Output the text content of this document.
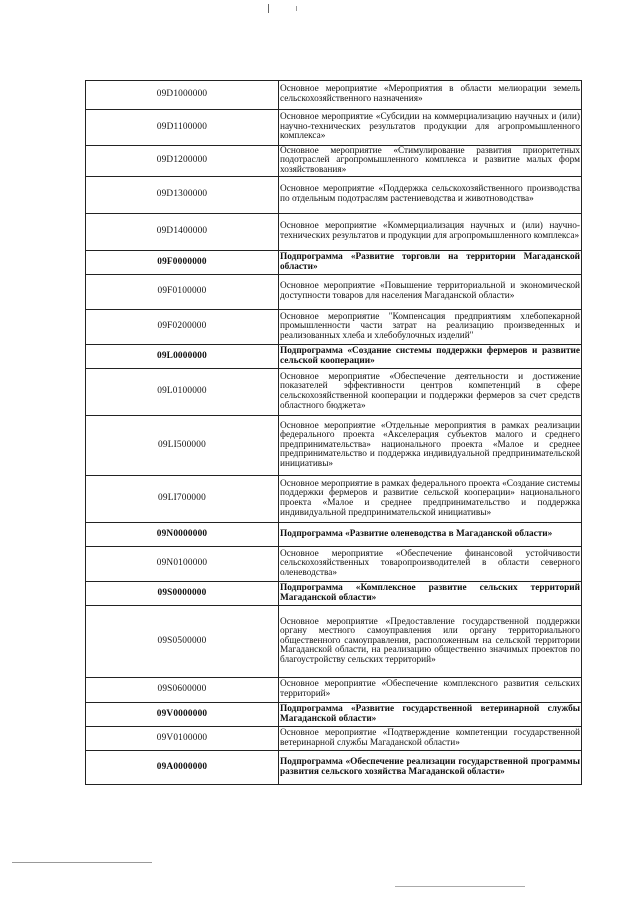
09D1000000	Основное мероприятие «Мероприятия в области мелиорации земель сельскохозяйственного назначения»
09D1100000	Основное мероприятие «Субсидии на коммерциализацию научных и (или) научно-технических результатов продукции для агропромышленного комплекса»
09D1200000	Основное мероприятие «Стимулирование развития приоритетных подотраслей агропромышленного комплекса и развитие малых форм хозяйствования»
09D1300000	Основное мероприятие «Поддержка сельскохозяйственного производства по отдельным подотраслям растениеводства и животноводства»
09D1400000	Основное мероприятие «Коммерциализация научных и (или) научно-технических результатов и продукции для агропромышленного комплекса»
09F0000000	Подпрограмма «Развитие торговли на территории Магаданской области»
09F0100000	Основное мероприятие «Повышение территориальной и экономической доступности товаров для населения Магаданской области»
09F0200000	Основное мероприятие "Компенсация предприятиям хлебопекарной промышленности части затрат на реализацию произведенных и реализованных хлеба и хлебобулочных изделий"
09L0000000	Подпрограмма «Создание системы поддержки фермеров и развитие сельской кооперации»
09L0100000	Основное мероприятие «Обеспечение деятельности и достижение показателей эффективности центров компетенций в сфере сельскохозяйственной кооперации и поддержки фермеров за счет средств областного бюджета»
09LI500000	Основное мероприятие «Отдельные мероприятия в рамках реализации федерального проекта «Акселерация субъектов малого и среднего предпринимательства» национального проекта «Малое и среднее предпринимательство и поддержка индивидуальной предпринимательской инициативы»
09LI700000	Основное мероприятие в рамках федерального проекта «Создание системы поддержки фермеров и развитие сельской кооперации» национального проекта «Малое и среднее предпринимательство и поддержка индивидуальной предпринимательской инициативы»
09N0000000	Подпрограмма «Развитие оленеводства в Магаданской области»
09N0100000	Основное мероприятие «Обеспечение финансовой устойчивости сельскохозяйственных товаропроизводителей в области северного оленеводства»
09S0000000	Подпрограмма «Комплексное развитие сельских территорий Магаданской области»
09S0500000	Основное мероприятие «Предоставление государственной поддержки органу местного самоуправления или органу территориального общественного самоуправления, расположенным на сельской территории Магаданской области, на реализацию общественно значимых проектов по благоустройству сельских территорий»
09S0600000	Основное мероприятие «Обеспечение комплексного развития сельских территорий»
09V0000000	Подпрограмма «Развитие государственной ветеринарной службы Магаданской области»
09V0100000	Основное мероприятие «Подтверждение компетенции государственной ветеринарной службы Магаданской области»
09A0000000	Подпрограмма «Обеспечение реализации государственной программы развития сельского хозяйства Магаданской области»
